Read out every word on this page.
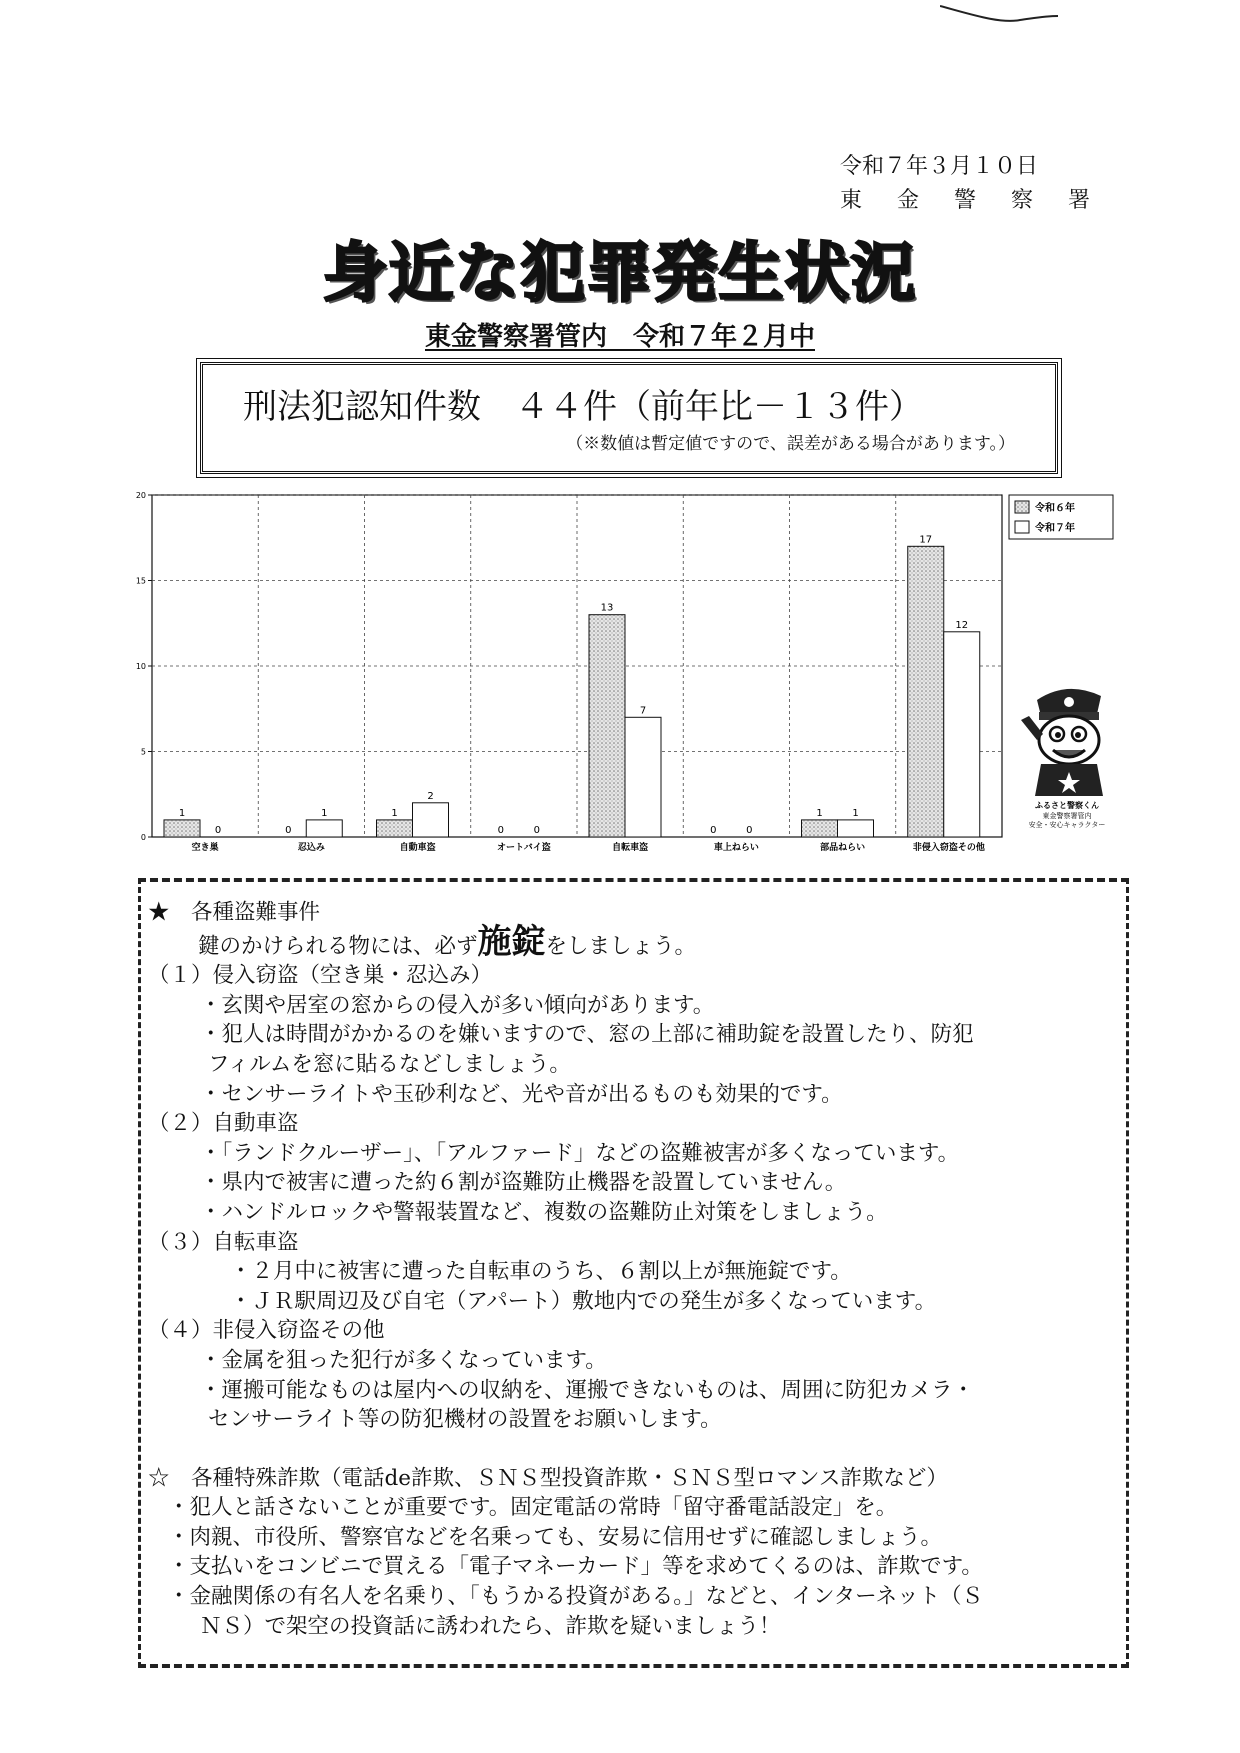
令和７年３月１０日
東 金 警 察 署
身近な犯罪発生状況
東金警察署管内　令和７年２月中
刑法犯認知件数　４４件（前年比－１３件）
（※数値は暫定値ですので、誤差がある場合があります。）
0
5
10
15
20
1
0
空き巣
0
1
忍込み
1
2
自動車盗
0	0
オートバイ盗
13
7
自転車盗
0	0
車上ねらい
1	1
部品ねらい
17
12
非侵入窃盗その他
令和６年
令和７年
ふるさと警察くん
東金警察署管内
安全・安心キャラクター
★　各種盗難事件
鍵のかけられる物には、必ず施錠をしましょう。
（１）侵入窃盗（空き巣・忍込み）
・玄関や居室の窓からの侵入が多い傾向があります。
・犯人は時間がかかるのを嫌いますので、窓の上部に補助錠を設置したり、防犯
フィルムを窓に貼るなどしましょう。
・センサーライトや玉砂利など、光や音が出るものも効果的です。
（２）自動車盗
・「ランドクルーザー」、「アルファード」などの盗難被害が多くなっています。
・県内で被害に遭った約６割が盗難防止機器を設置していません。
・ハンドルロックや警報装置など、複数の盗難防止対策をしましょう。
（３）自転車盗
・２月中に被害に遭った自転車のうち、６割以上が無施錠です。
・ＪＲ駅周辺及び自宅（アパート）敷地内での発生が多くなっています。
（４）非侵入窃盗その他
・金属を狙った犯行が多くなっています。
・運搬可能なものは屋内への収納を、運搬できないものは、周囲に防犯カメラ・
センサーライト等の防犯機材の設置をお願いします。
☆　各種特殊詐欺（電話de詐欺、ＳＮＳ型投資詐欺・ＳＮＳ型ロマンス詐欺など）
・犯人と話さないことが重要です。固定電話の常時「留守番電話設定」を。
・肉親、市役所、警察官などを名乗っても、安易に信用せずに確認しましょう。
・支払いをコンビニで買える「電子マネーカード」等を求めてくるのは、詐欺です。
・金融関係の有名人を名乗り、「もうかる投資がある。」などと、インターネット（Ｓ
ＮＳ）で架空の投資話に誘われたら、詐欺を疑いましょう！
